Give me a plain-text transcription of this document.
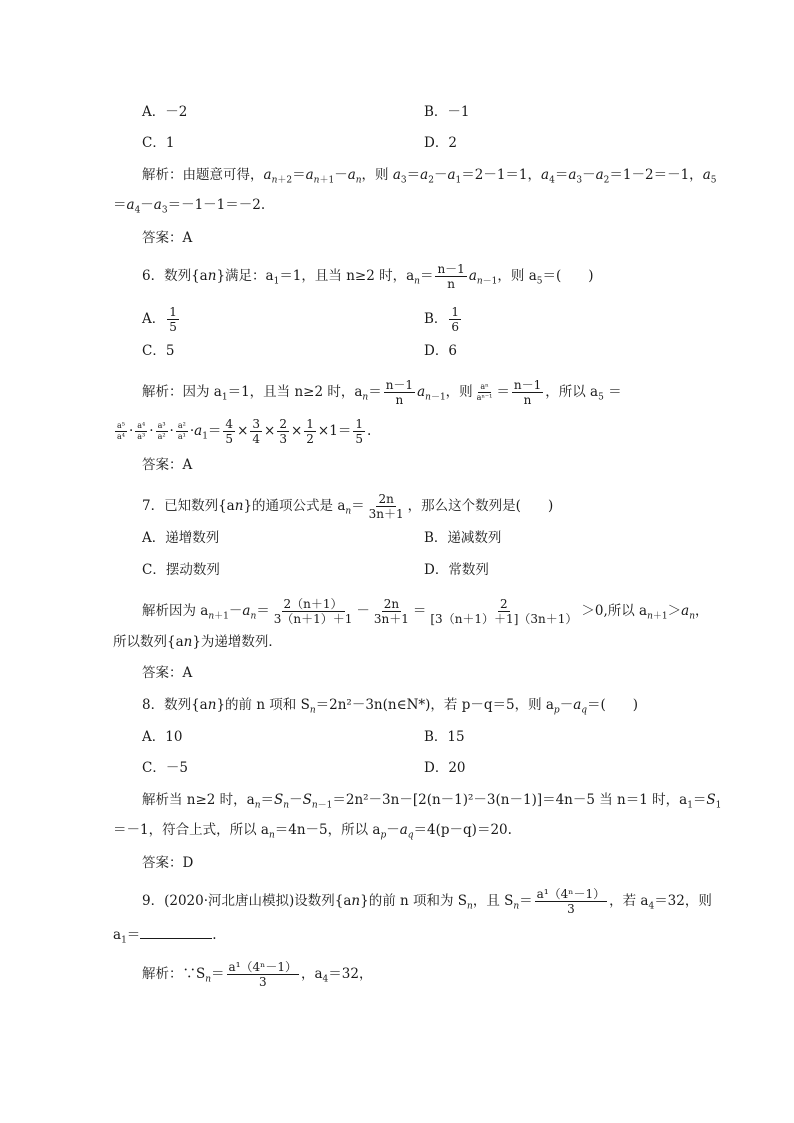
A．－2	B．－1
C．1	D．2
解析：由题意可得，$a_{n+2}=a_{n+1}-a_n$，则 $a_3=a_2-a_1=2-1=1$，$a_4=a_3-a_2=1-2=-1$，$a_5$
$=a_4-a_3=-1-1=-2$.
答案：A
6．数列{an}满足：$a_1=1$，且当 n≥2 时，$a_n= \frac{n-1}{n} a_{n-1}$，则 $a_5=$(　　)
A． $\frac{1}{5}$	B． $\frac{1}{6}$
C．5	D．6
解析：因为 $a_1=1$，且当 n≥2 时，$a_n= \frac{n-1}{n} a_{n-1}$，则 $\frac{\text{aⁿ}}{\text{aⁿ⁻¹}} = \frac{n-1}{n}$ ，所以 $a_5$ ＝
$\frac{\text{a⁵}}{\text{a⁴}} \cdot \frac{\text{a⁴}}{\text{a³}} \cdot \frac{\text{a³}}{\text{a²}} \cdot \frac{\text{a²}}{\text{a¹}} \cdot a_1= \frac{4}{5} \times \frac{3}{4} \times \frac{2}{3} \times \frac{1}{2} \times 1= \frac{1}{5}$ .
答案：A
7．已知数列{an}的通项公式是 $a_n= \frac{2n}{3n+1}$ ，那么这个数列是(　　)
A．递增数列	B．递减数列
C．摆动数列	D．常数列
解析因为 $a_{n+1}-a_n= \frac{2(n+1)}{3(n+1)+1} - \frac{2n}{3n+1} = \frac{2}{[3(n+1)+1](3n+1)} >0$,所以 $a_{n+1}>a_n$，
所以数列{an}为递增数列．
答案：A
8．数列{an}的前 n 项和 $S_n=2n^2-3n(n\in N*)$，若 p－q＝5，则 $a_p-a_q=$(　　)
A．10	B．15
C．－5	D．20
解析当 n≥2 时，$a_n=S_n-S_{n-1}=2n^2-3n-[2(n-1)^2-3(n-1)]=4n-5$ 当 n＝1 时，$a_1=S_1$
＝－1，符合上式，所以 $a_n=4n-5$，所以 $a_p-a_q=4(p-q)=20$.
答案：D
9．(2020·河北唐山模拟)设数列{an}的前 n 项和为 $S_n$，且 $S_n= \frac{\text{a¹（4ⁿ－1）}}{3}$ ，若 $a_4=32$，则
$a_1=$	.
解析：$\because S_n= \frac{\text{a¹（4ⁿ－1）}}{3}$ ，$a_4=32$，
